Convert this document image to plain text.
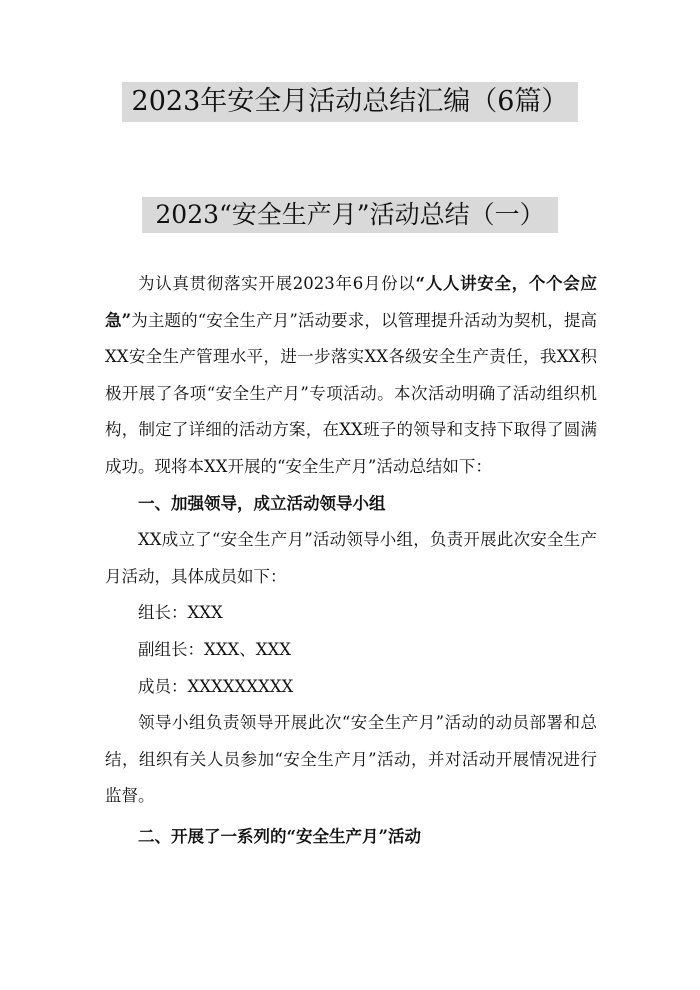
2023年安全月活动总结汇编（6篇）
2023“安全生产月”活动总结（一）

为认真贯彻落实开展2023年6月份以“人人讲安全，个个会应急”为主题的“安全生产月”活动要求，以管理提升活动为契机，提高XX安全生产管理水平，进一步落实XX各级安全生产责任，我XX积极开展了各项“安全生产月”专项活动。本次活动明确了活动组织机构，制定了详细的活动方案，在XX班子的领导和支持下取得了圆满成功。现将本XX开展的“安全生产月”活动总结如下：

一、加强领导，成立活动领导小组

XX成立了“安全生产月”活动领导小组，负责开展此次安全生产月活动，具体成员如下：

组长：XXX

副组长：XXX、XXX

成员：XXXXXXXXX

领导小组负责领导开展此次“安全生产月”活动的动员部署和总结，组织有关人员参加“安全生产月”活动，并对活动开展情况进行监督。

二、开展了一系列的“安全生产月”活动
